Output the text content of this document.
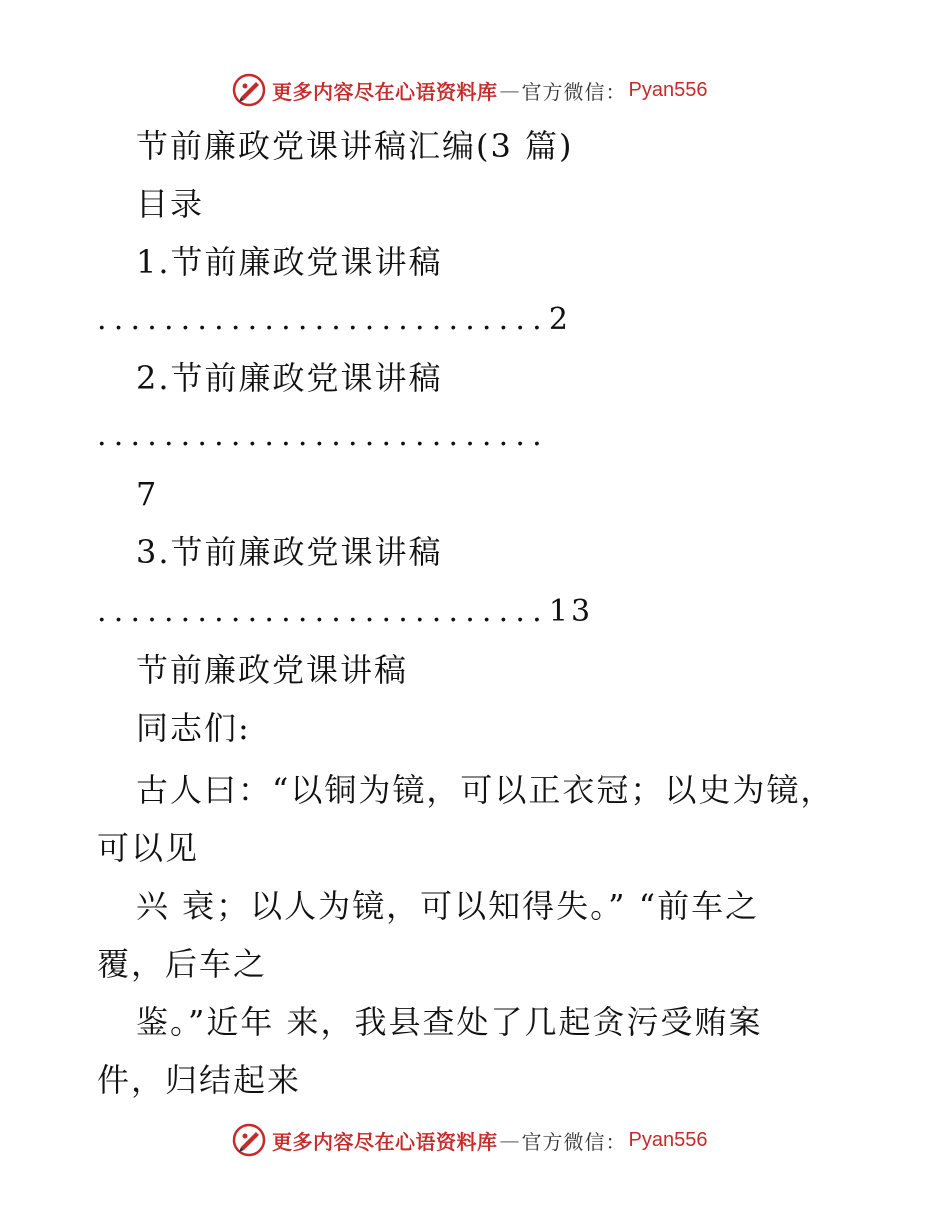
更多内容尽在心语资料库 — 官方微信： Pyan556
节前廉政党课讲稿汇编(3 篇)
目录
1.节前廉政党课讲稿
...........................2
2.节前廉政党课讲稿
...........................
7
3.节前廉政党课讲稿
...........................13
节前廉政党课讲稿
同志们:
古人曰：“以铜为镜，可以正衣冠；以史为镜，
可以见
兴 衰；以人为镜，可以知得失。” “前车之
覆，后车之
鉴。”近年 来，我县查处了几起贪污受贿案
件，归结起来
更多内容尽在心语资料库 — 官方微信： Pyan556
